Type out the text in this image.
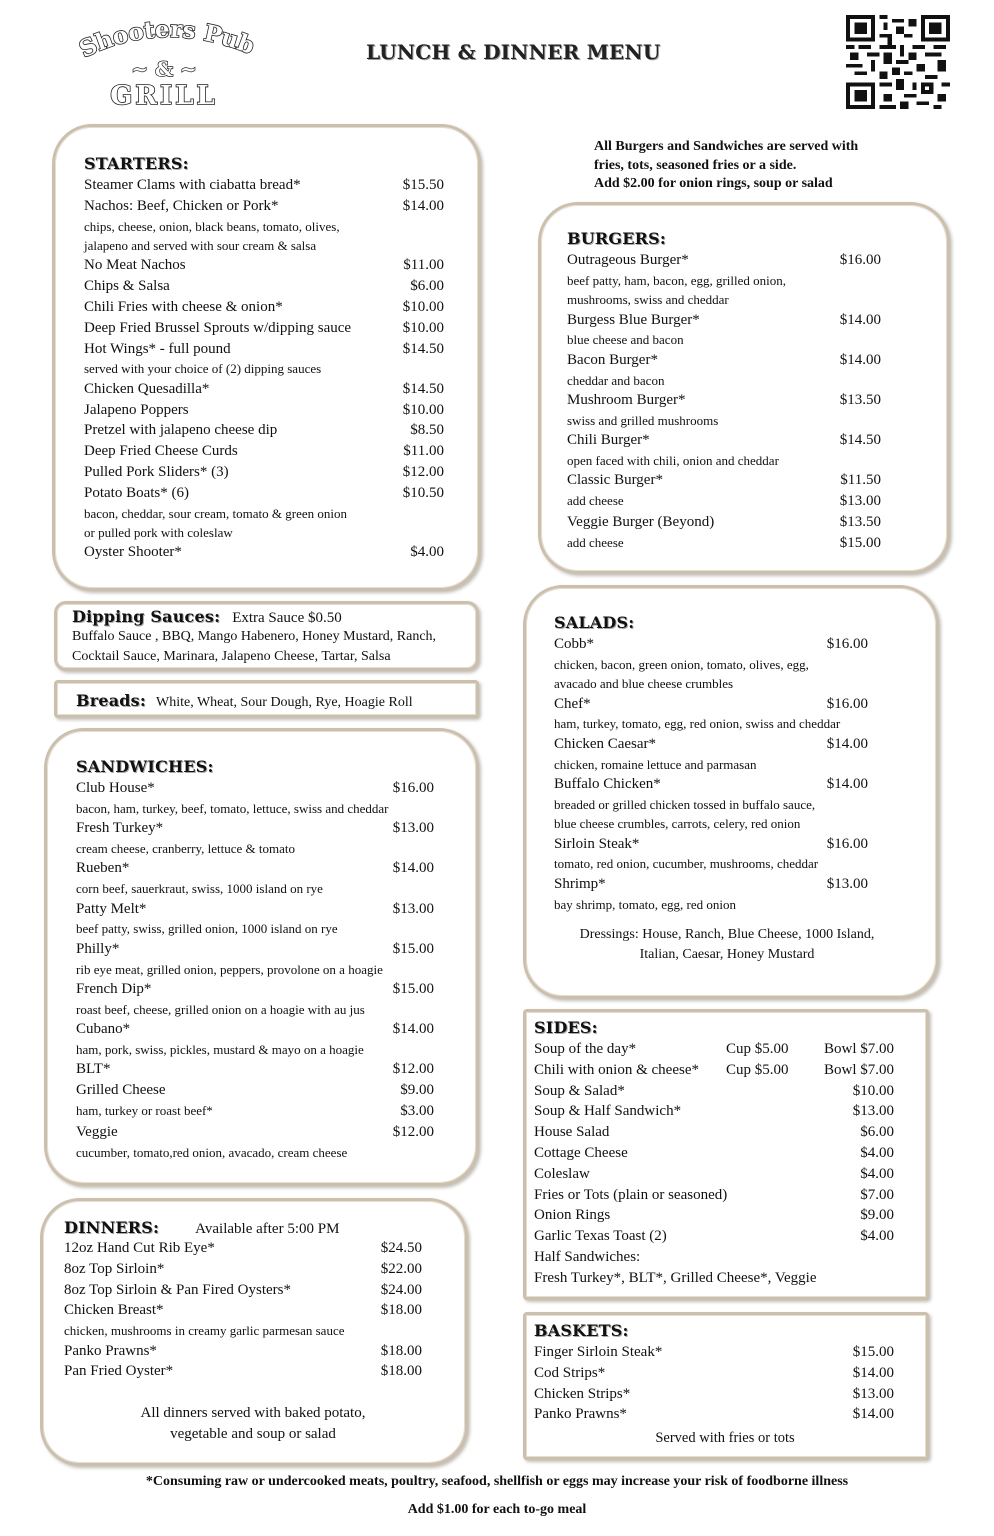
Shooters Pub
~ & ~
GRILL
LUNCH & DINNER MENU
All Burgers and Sandwiches are served with
fries, tots, seasoned fries or a side.
Add $2.00 for onion rings, soup or salad
STARTERS:
Steamer Clams with ciabatta bread*	$15.50
Nachos: Beef, Chicken or Pork*	$14.00
chips, cheese, onion, black beans, tomato, olives,
jalapeno and served with sour cream & salsa
No Meat Nachos	$11.00
Chips & Salsa	$6.00
Chili Fries with cheese & onion*	$10.00
Deep Fried Brussel Sprouts w/dipping sauce	$10.00
Hot Wings* - full pound	$14.50
served with your choice of (2) dipping sauces
Chicken Quesadilla*	$14.50
Jalapeno Poppers	$10.00
Pretzel with jalapeno cheese dip	$8.50
Deep Fried Cheese Curds	$11.00
Pulled Pork Sliders* (3)	$12.00
Potato Boats* (6)	$10.50
bacon, cheddar, sour cream, tomato & green onion
or pulled pork with coleslaw
Oyster Shooter*	$4.00
Dipping Sauces: Extra Sauce $0.50
Buffalo Sauce , BBQ, Mango Habenero, Honey Mustard, Ranch,
Cocktail Sauce, Marinara, Jalapeno Cheese, Tartar, Salsa
Breads: White, Wheat, Sour Dough, Rye, Hoagie Roll
SANDWICHES:
Club House*	$16.00
bacon, ham, turkey, beef, tomato, lettuce, swiss and cheddar
Fresh Turkey*	$13.00
cream cheese, cranberry, lettuce & tomato
Rueben*	$14.00
corn beef, sauerkraut, swiss, 1000 island on rye
Patty Melt*	$13.00
beef patty, swiss, grilled onion, 1000 island on rye
Philly*	$15.00
rib eye meat, grilled onion, peppers, provolone on a hoagie
French Dip*	$15.00
roast beef, cheese, grilled onion on a hoagie with au jus
Cubano*	$14.00
ham, pork, swiss, pickles, mustard & mayo on a hoagie
BLT*	$12.00
Grilled Cheese	$9.00
ham, turkey or roast beef*	$3.00
Veggie	$12.00
cucumber, tomato,red onion, avacado, cream cheese
DINNERS: Available after 5:00 PM
12oz Hand Cut Rib Eye*	$24.50
8oz Top Sirloin*	$22.00
8oz Top Sirloin & Pan Fired Oysters*	$24.00
Chicken Breast*	$18.00
chicken, mushrooms in creamy garlic parmesan sauce
Panko Prawns*	$18.00
Pan Fried Oyster*	$18.00
All dinners served with baked potato,
vegetable and soup or salad
BURGERS:
Outrageous Burger*	$16.00
beef patty, ham, bacon, egg, grilled onion,
mushrooms, swiss and cheddar
Burgess Blue Burger*	$14.00
blue cheese and bacon
Bacon Burger*	$14.00
cheddar and bacon
Mushroom Burger*	$13.50
swiss and grilled mushrooms
Chili Burger*	$14.50
open faced with chili, onion and cheddar
Classic Burger*	$11.50
add cheese	$13.00
Veggie Burger (Beyond)	$13.50
add cheese	$15.00
SALADS:
Cobb*	$16.00
chicken, bacon, green onion, tomato, olives, egg,
avacado and blue cheese crumbles
Chef*	$16.00
ham, turkey, tomato, egg, red onion, swiss and cheddar
Chicken Caesar*	$14.00
chicken, romaine lettuce and parmasan
Buffalo Chicken*	$14.00
breaded or grilled chicken tossed in buffalo sauce,
blue cheese crumbles, carrots, celery, red onion
Sirloin Steak*	$16.00
tomato, red onion, cucumber, mushrooms, cheddar
Shrimp*	$13.00
bay shrimp, tomato, egg, red onion
Dressings: House, Ranch, Blue Cheese, 1000 Island,
Italian, Caesar, Honey Mustard
SIDES:
Soup of the day*	Cup $5.00	Bowl $7.00
Chili with onion & cheese*	Cup $5.00	Bowl $7.00
Soup & Salad*	$10.00
Soup & Half Sandwich*	$13.00
House Salad	$6.00
Cottage Cheese	$4.00
Coleslaw	$4.00
Fries or Tots (plain or seasoned)	$7.00
Onion Rings	$9.00
Garlic Texas Toast (2)	$4.00
Half Sandwiches:
Fresh Turkey*, BLT*, Grilled Cheese*, Veggie
BASKETS:
Finger Sirloin Steak*	$15.00
Cod Strips*	$14.00
Chicken Strips*	$13.00
Panko Prawns*	$14.00
Served with fries or tots
*Consuming raw or undercooked meats, poultry, seafood, shellfish or eggs may increase your risk of foodborne illness
Add $1.00 for each to-go meal
